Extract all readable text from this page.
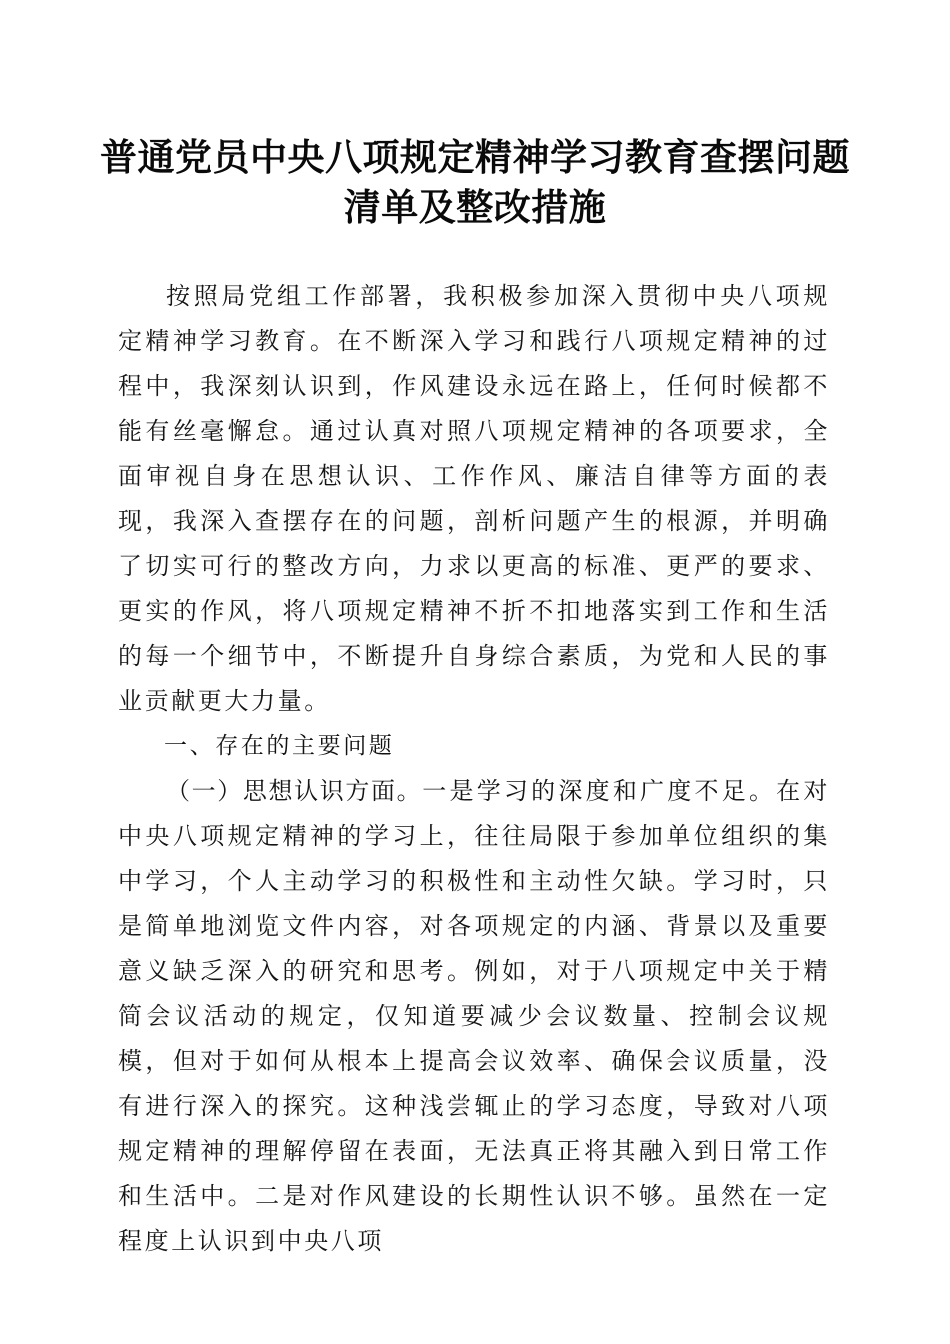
普通党员中央八项规定精神学习教育查摆问题
清单及整改措施

按照局党组工作部署，我积极参加深入贯彻中央八项规定精神学习教育。在不断深入学习和践行八项规定精神的过程中，我深刻认识到，作风建设永远在路上，任何时候都不能有丝毫懈怠。通过认真对照八项规定精神的各项要求，全面审视自身在思想认识、工作作风、廉洁自律等方面的表现，我深入查摆存在的问题，剖析问题产生的根源，并明确了切实可行的整改方向，力求以更高的标准、更严的要求、更实的作风，将八项规定精神不折不扣地落实到工作和生活的每一个细节中，不断提升自身综合素质，为党和人民的事业贡献更大力量。

一、存在的主要问题

（一）思想认识方面。一是学习的深度和广度不足。在对中央八项规定精神的学习上，往往局限于参加单位组织的集中学习，个人主动学习的积极性和主动性欠缺。学习时，只是简单地浏览文件内容，对各项规定的内涵、背景以及重要意义缺乏深入的研究和思考。例如，对于八项规定中关于精简会议活动的规定，仅知道要减少会议数量、控制会议规模，但对于如何从根本上提高会议效率、确保会议质量，没有进行深入的探究。这种浅尝辄止的学习态度，导致对八项规定精神的理解停留在表面，无法真正将其融入到日常工作和生活中。二是对作风建设的长期性认识不够。虽然在一定程度上认识到中央八项
